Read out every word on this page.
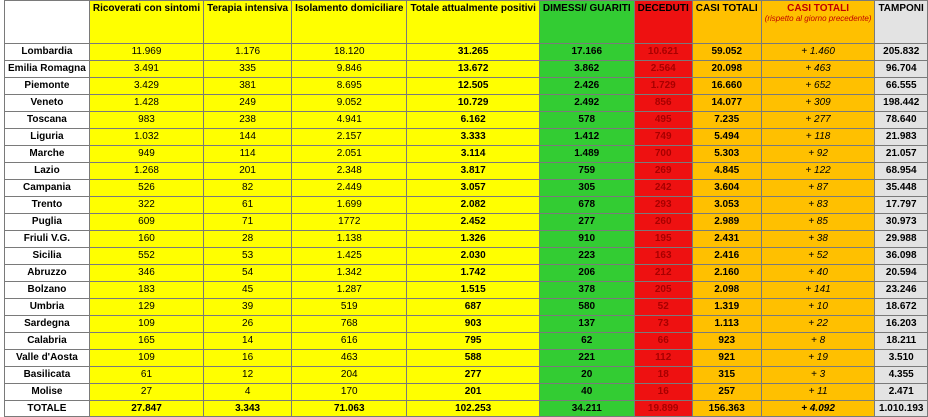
	Ricoverati con sintomi	Terapia intensiva	Isolamento domiciliare	Totale attualmente positivi	DIMESSI/ GUARITI	DECEDUTI	CASI TOTALI	CASI TOTALI
(rispetto al giorno precedente)	TAMPONI
Lombardia	11.969	1.176	18.120	31.265	17.166	10.621	59.052	+ 1.460	205.832
Emilia Romagna	3.491	335	9.846	13.672	3.862	2.564	20.098	+ 463	96.704
Piemonte	3.429	381	8.695	12.505	2.426	1.729	16.660	+ 652	66.555
Veneto	1.428	249	9.052	10.729	2.492	856	14.077	+ 309	198.442
Toscana	983	238	4.941	6.162	578	495	7.235	+ 277	78.640
Liguria	1.032	144	2.157	3.333	1.412	749	5.494	+ 118	21.983
Marche	949	114	2.051	3.114	1.489	700	5.303	+ 92	21.057
Lazio	1.268	201	2.348	3.817	759	269	4.845	+ 122	68.954
Campania	526	82	2.449	3.057	305	242	3.604	+ 87	35.448
Trento	322	61	1.699	2.082	678	293	3.053	+ 83	17.797
Puglia	609	71	1772	2.452	277	260	2.989	+ 85	30.973
Friuli V.G.	160	28	1.138	1.326	910	195	2.431	+ 38	29.988
Sicilia	552	53	1.425	2.030	223	163	2.416	+ 52	36.098
Abruzzo	346	54	1.342	1.742	206	212	2.160	+ 40	20.594
Bolzano	183	45	1.287	1.515	378	205	2.098	+ 141	23.246
Umbria	129	39	519	687	580	52	1.319	+ 10	18.672
Sardegna	109	26	768	903	137	73	1.113	+ 22	16.203
Calabria	165	14	616	795	62	66	923	+ 8	18.211
Valle d'Aosta	109	16	463	588	221	112	921	+ 19	3.510
Basilicata	61	12	204	277	20	18	315	+ 3	4.355
Molise	27	4	170	201	40	16	257	+ 11	2.471
TOTALE	27.847	3.343	71.063	102.253	34.211	19.899	156.363	+ 4.092	1.010.193
